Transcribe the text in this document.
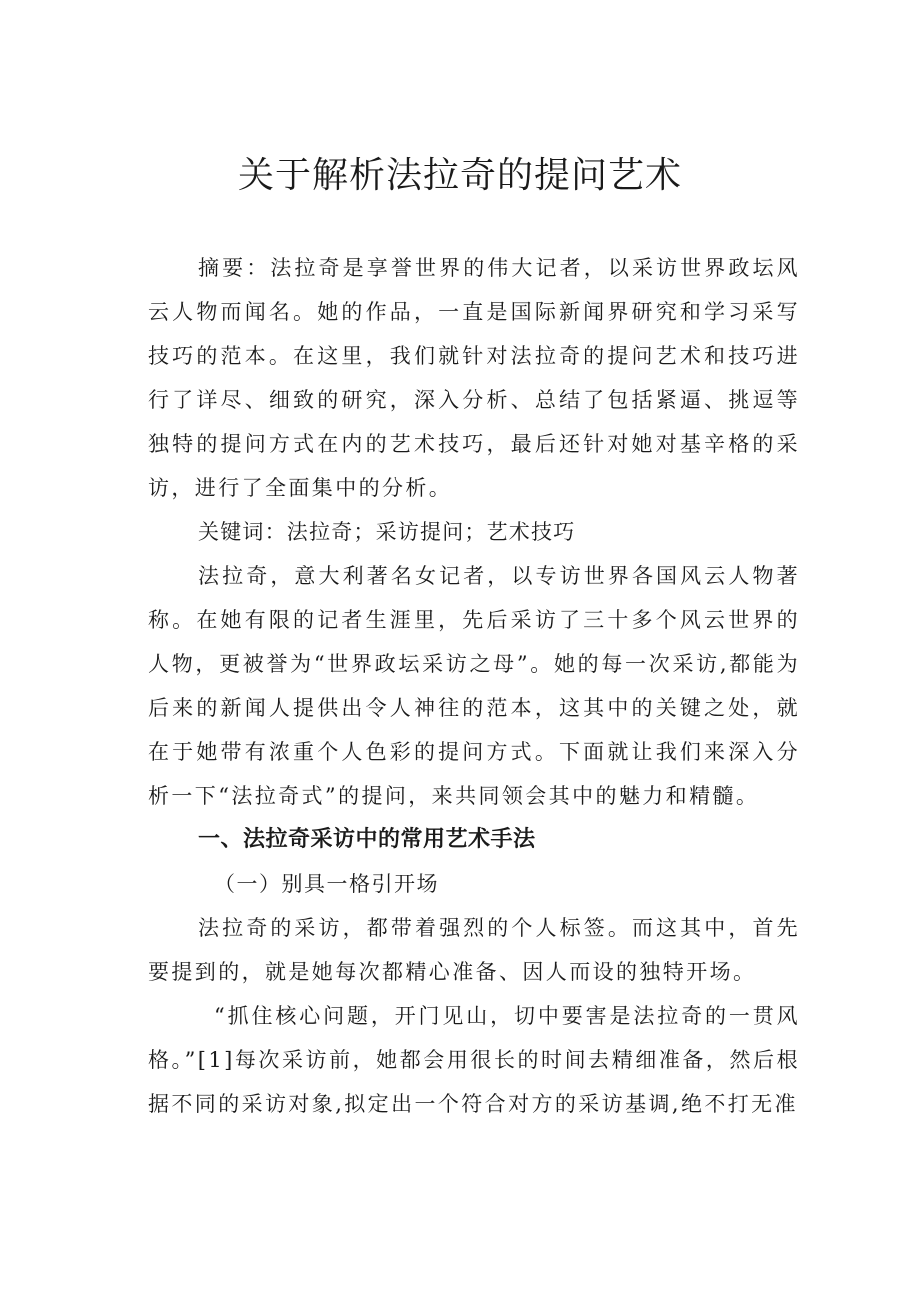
关于解析法拉奇的提问艺术

摘要：法拉奇是享誉世界的伟大记者，以采访世界政坛风云人物而闻名。她的作品，一直是国际新闻界研究和学习采写技巧的范本。在这里，我们就针对法拉奇的提问艺术和技巧进行了详尽、细致的研究，深入分析、总结了包括紧逼、挑逗等独特的提问方式在内的艺术技巧，最后还针对她对基辛格的采访，进行了全面集中的分析。

关键词：法拉奇；采访提问；艺术技巧

法拉奇，意大利著名女记者，以专访世界各国风云人物著称。在她有限的记者生涯里，先后采访了三十多个风云世界的人物，更被誉为“世界政坛采访之母”。她的每一次采访,都能为后来的新闻人提供出令人神往的范本，这其中的关键之处，就在于她带有浓重个人色彩的提问方式。下面就让我们来深入分析一下“法拉奇式”的提问，来共同领会其中的魅力和精髓。

一、法拉奇采访中的常用艺术手法
（一）别具一格引开场

法拉奇的采访，都带着强烈的个人标签。而这其中，首先要提到的，就是她每次都精心准备、因人而设的独特开场。

“抓住核心问题，开门见山，切中要害是法拉奇的一贯风格。”[1]每次采访前，她都会用很长的时间去精细准备，然后根据不同的采访对象,拟定出一个符合对方的采访基调,绝不打无准
